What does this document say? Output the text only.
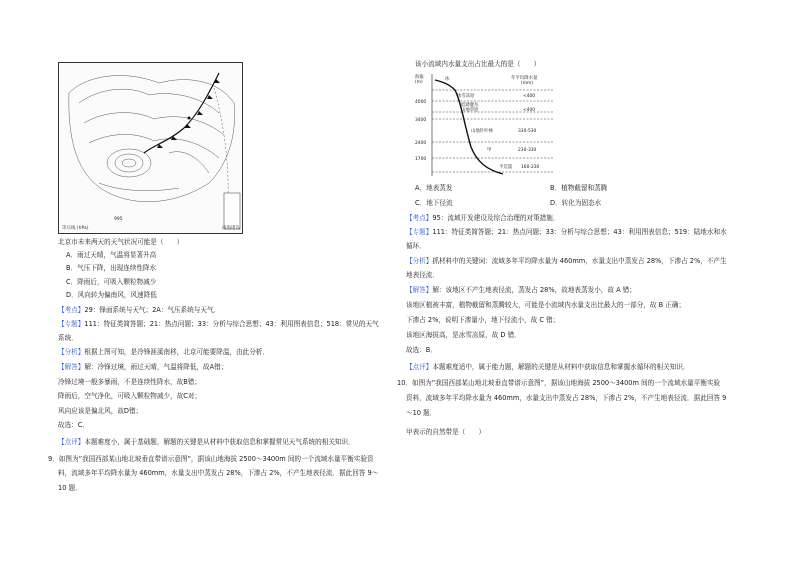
等压线 (hPa)	南海诸岛
995
北京市未来两天的天气状况可能是（　　）
A．雨过天晴，气温将显著升高
B．气压下降，出现连续性降水
C．降雨后，可吸入颗粒物减少
D．风向转为偏南风，风速降低
【考点】29：锋面系统与天气；2A：气压系统与天气．
【专题】111：特征类简答题；21：热点问题；33：分析与综合思想；43：利用图表信息；518：常见的天气
系统．
【分析】根据上图可知，是冷锋涯溪南移，北京可能要降温，由此分析．
【解答】解：冷锋过境，雨过天晴，气温将降低，故A错；
冷锋过境一般多暴雨，不是连续性降水，故B错；
降雨后，空气净化，可吸入颗粒物减少，故C对；
风向应该是偏北风，故D错；
故选：C．
【点评】本题难度小，属于基础题，解题的关键是从材料中获取信息和掌握常见天气系统的相关知识．
9．如图为“我国西部某山地北坡垂直带谱示意图”，据该山地海拔 2500～3400m 间的一个流域水量平衡实验资
料，流域多年平均降水量为 460mm，水量支出中蒸发占 28%，下渗占 2%，不产生地表径流．据此回答 9～
10 题．
该小流域内水量支出占比最大的是（　　）
海拔
(m)
年平均降水量
(mm)
4000
3400
2400
1700
冰
冰雪冻原	<400
低矮灌丛
山地草原	<400
山地针叶林	330-530
甲	230-330
半荒漠 160-230
A．地表蒸发	B．植物截留和蒸腾
C．地下径流	D．转化为固态水
【考点】95：流域开发建设及综合治理的对策措施．
【专题】111：特征类简答题；21：热点问题；33：分析与综合思想；43：利用图表信息；519：陆地水和水
循环．
【分析】抓材料中的关键词：流域多年平均降水量为 460mm，水量支出中蒸发占 28%，下渗占 2%，不产生
地表径流．
【解答】解：该地区不产生地表径流，蒸发占 28%，故地表蒸发小，故 A 错；
该地区植被丰富，植物截留和蒸腾较大，可能是小流域内水量支出比最大的一部分，故 B 正确；
下渗占 2%，说明下渗量小，地下径流小，故 C 错；
该地区海拔高，是冰雪冻原，故 D 错．
故选：B．
【点评】本题难度适中，属于能力题，解题的关键是从材料中获取信息和掌握水循环的相关知识．
10．如图为“我国西部某山地北坡垂直带谱示意图”，据该山地海拔 2500～3400m 间的一个流域水量平衡实验
资料，流域多年平均降水量为 460mm，水量支出中蒸发占 28%，下渗占 2%，不产生地表径流．据此回答 9
～10 题．
甲表示的自然带是（　　）
